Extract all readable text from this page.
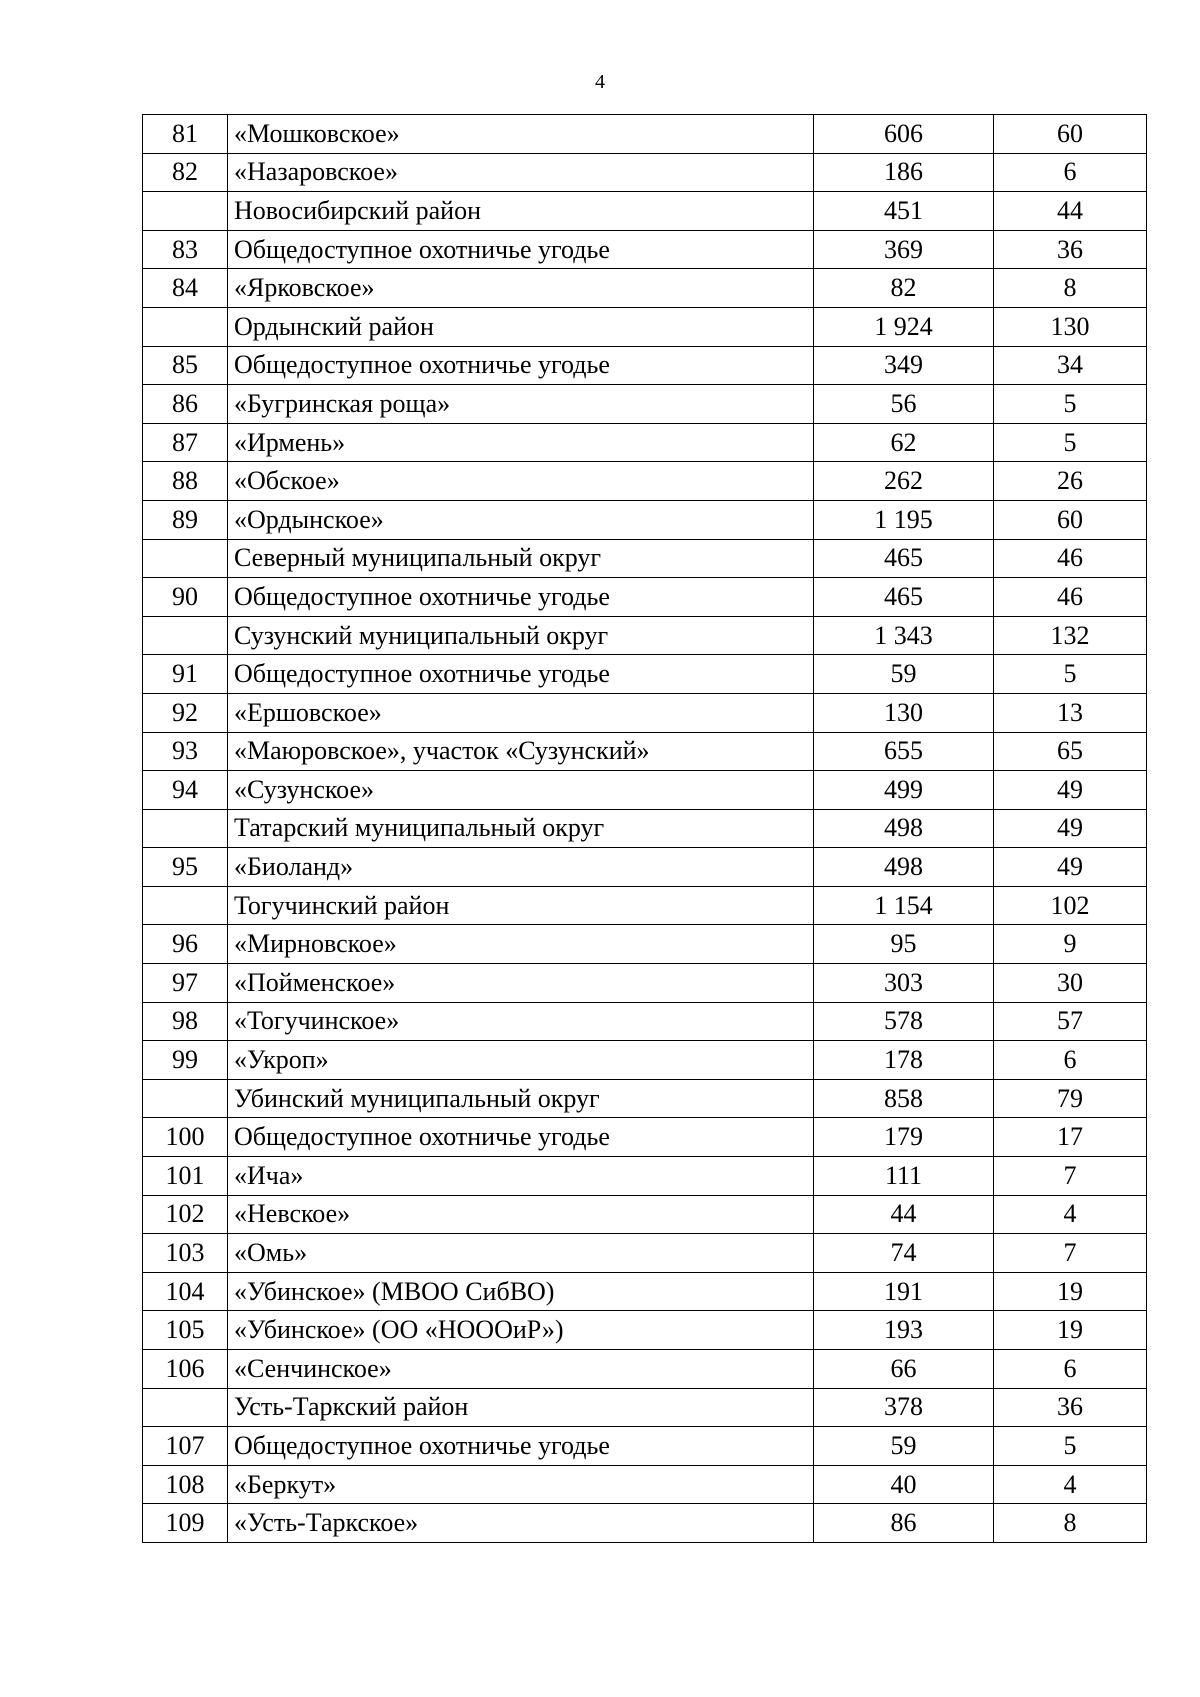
4
81	«Мошковское»	606	60
82	«Назаровское»	186	6
	Новосибирский район	451	44
83	Общедоступное охотничье угодье	369	36
84	«Ярковское»	82	8
	Ордынский район	1 924	130
85	Общедоступное охотничье угодье	349	34
86	«Бугринская роща»	56	5
87	«Ирмень»	62	5
88	«Обское»	262	26
89	«Ордынское»	1 195	60
	Северный муниципальный округ	465	46
90	Общедоступное охотничье угодье	465	46
	Сузунский муниципальный округ	1 343	132
91	Общедоступное охотничье угодье	59	5
92	«Ершовское»	130	13
93	«Маюровское», участок «Сузунский»	655	65
94	«Сузунское»	499	49
	Татарский муниципальный округ	498	49
95	«Биоланд»	498	49
	Тогучинский район	1 154	102
96	«Мирновское»	95	9
97	«Пойменское»	303	30
98	«Тогучинское»	578	57
99	«Укроп»	178	6
	Убинский муниципальный округ	858	79
100	Общедоступное охотничье угодье	179	17
101	«Ича»	111	7
102	«Невское»	44	4
103	«Омь»	74	7
104	«Убинское» (МВОО СибВО)	191	19
105	«Убинское» (ОО «НОООиР»)	193	19
106	«Сенчинское»	66	6
	Усть-Таркский район	378	36
107	Общедоступное охотничье угодье	59	5
108	«Беркут»	40	4
109	«Усть-Таркское»	86	8
